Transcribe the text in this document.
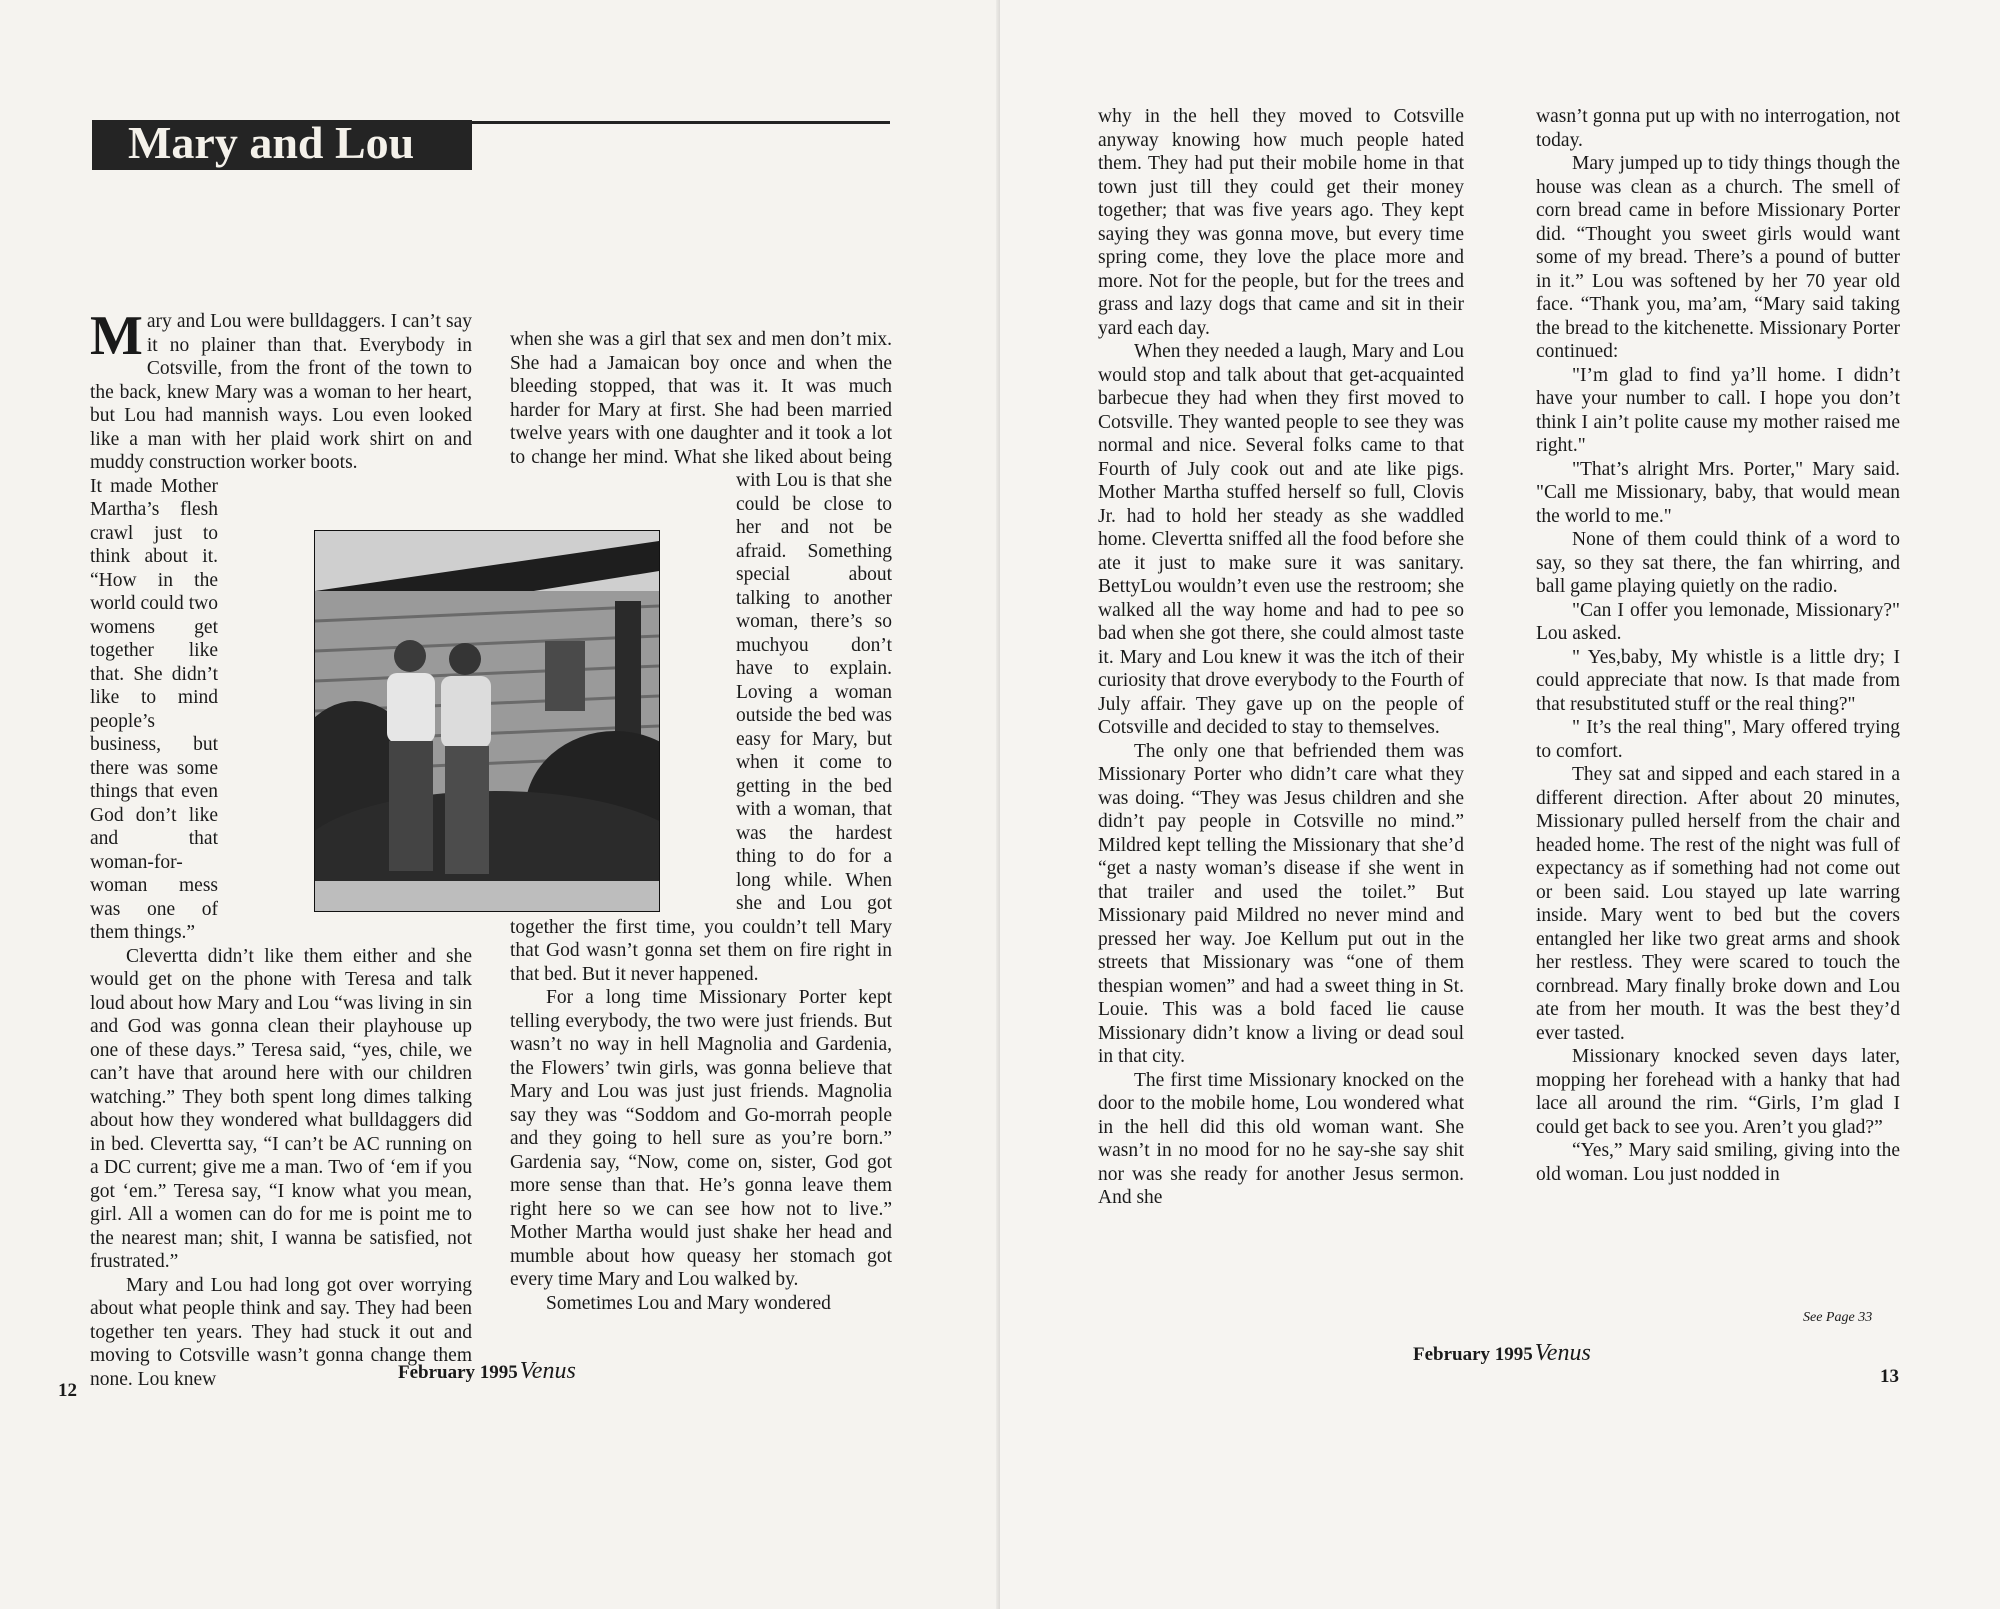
Mary and Lou

Mary and Lou were bulldaggers. I can’t say it no plainer than that. Everybody in Cotsville, from the front of the town to the back, knew Mary was a woman to her heart, but Lou had mannish ways. Lou even looked like a man with her plaid work shirt on and muddy construction worker boots.

It made Mother Martha’s flesh crawl just to think about it. “How in the world could two womens get together like that. She didn’t like to mind people’s business, but there was some things that even God don’t like and that woman-for-woman mess was one of them things.”

Clevertta didn’t like them either and she would get on the phone with Teresa and talk loud about how Mary and Lou “was living in sin and God was gonna clean their playhouse up one of these days.” Teresa said, “yes, chile, we can’t have that around here with our children watching.” They both spent long dimes talking about how they wondered what bulldaggers did in bed. Clevertta say, “I can’t be AC running on a DC current; give me a man. Two of ‘em if you got ‘em.” Teresa say, “I know what you mean, girl. All a women can do for me is point me to the nearest man; shit, I wanna be satisfied, not frustrated.”

Mary and Lou had long got over worrying about what people think and say. They had been together ten years. They had stuck it out and moving to Cotsville wasn’t gonna change them none. Lou knew

when she was a girl that sex and men don’t mix. She had a Jamaican boy once and when the bleeding stopped, that was it. It was much harder for Mary at first. She had been married twelve years with one daughter and it took a lot to change her mind. What she liked about being with Lou is that she could be close to her and not be afraid. Something special about talking to another woman, there’s so muchyou don’t have to explain. Loving a woman outside the bed was easy for Mary, but when it come to getting in the bed with a woman, that was the hardest thing to do for a long while. When she and Lou got together the first time, you couldn’t tell Mary that God wasn’t gonna set them on fire right in that bed. But it never happened.

For a long time Missionary Porter kept telling everybody, the two were just friends. But wasn’t no way in hell Magnolia and Gardenia, the Flowers’ twin girls, was gonna believe that Mary and Lou was just just friends. Magnolia say they was “Soddom and Go-morrah people and they going to hell sure as you’re born.” Gardenia say, “Now, come on, sister, God got more sense than that. He’s gonna leave them right here so we can see how not to live.” Mother Martha would just shake her head and mumble about how queasy her stomach got every time Mary and Lou walked by.

Sometimes Lou and Mary wondered

February 1995Venus
12

why in the hell they moved to Cotsville anyway knowing how much people hated them. They had put their mobile home in that town just till they could get their money together; that was five years ago. They kept saying they was gonna move, but every time spring come, they love the place more and more. Not for the people, but for the trees and grass and lazy dogs that came and sit in their yard each day.

When they needed a laugh, Mary and Lou would stop and talk about that get-acquainted barbecue they had when they first moved to Cotsville. They wanted people to see they was normal and nice. Several folks came to that Fourth of July cook out and ate like pigs. Mother Martha stuffed herself so full, Clovis Jr. had to hold her steady as she waddled home. Clevertta sniffed all the food before she ate it just to make sure it was sanitary. BettyLou wouldn’t even use the restroom; she walked all the way home and had to pee so bad when she got there, she could almost taste it. Mary and Lou knew it was the itch of their curiosity that drove everybody to the Fourth of July affair. They gave up on the people of Cotsville and decided to stay to themselves.

The only one that befriended them was Missionary Porter who didn’t care what they was doing. “They was Jesus children and she didn’t pay people in Cotsville no mind.” Mildred kept telling the Missionary that she’d “get a nasty woman’s disease if she went in that trailer and used the toilet.” But Missionary paid Mildred no never mind and pressed her way. Joe Kellum put out in the streets that Missionary was “one of them thespian women” and had a sweet thing in St. Louie. This was a bold faced lie cause Missionary didn’t know a living or dead soul in that city.

The first time Missionary knocked on the door to the mobile home, Lou wondered what in the hell did this old woman want. She wasn’t in no mood for no he say-she say shit nor was she ready for another Jesus sermon. And she

wasn’t gonna put up with no interrogation, not today.

Mary jumped up to tidy things though the house was clean as a church. The smell of corn bread came in before Missionary Porter did. “Thought you sweet girls would want some of my bread. There’s a pound of butter in it.” Lou was softened by her 70 year old face. “Thank you, ma’am, “Mary said taking the bread to the kitchenette. Missionary Porter continued:

"I’m glad to find ya’ll home. I didn’t have your number to call. I hope you don’t think I ain’t polite cause my mother raised me right."

"That’s alright Mrs. Porter," Mary said. "Call me Missionary, baby, that would mean the world to me."

None of them could think of a word to say, so they sat there, the fan whirring, and ball game playing quietly on the radio.

"Can I offer you lemonade, Missionary?" Lou asked.

" Yes,baby, My whistle is a little dry; I could appreciate that now. Is that made from that resubstituted stuff or the real thing?"

" It’s the real thing", Mary offered trying to comfort.

They sat and sipped and each stared in a different direction. After about 20 minutes, Missionary pulled herself from the chair and headed home. The rest of the night was full of expectancy as if something had not come out or been said. Lou stayed up late warring inside. Mary went to bed but the covers entangled her like two great arms and shook her restless. They were scared to touch the cornbread. Mary finally broke down and Lou ate from her mouth. It was the best they’d ever tasted.

Missionary knocked seven days later, mopping her forehead with a hanky that had lace all around the rim. “Girls, I’m glad I could get back to see you. Aren’t you glad?”

“Yes,” Mary said smiling, giving into the old woman. Lou just nodded in

See Page 33
February 1995Venus
13
